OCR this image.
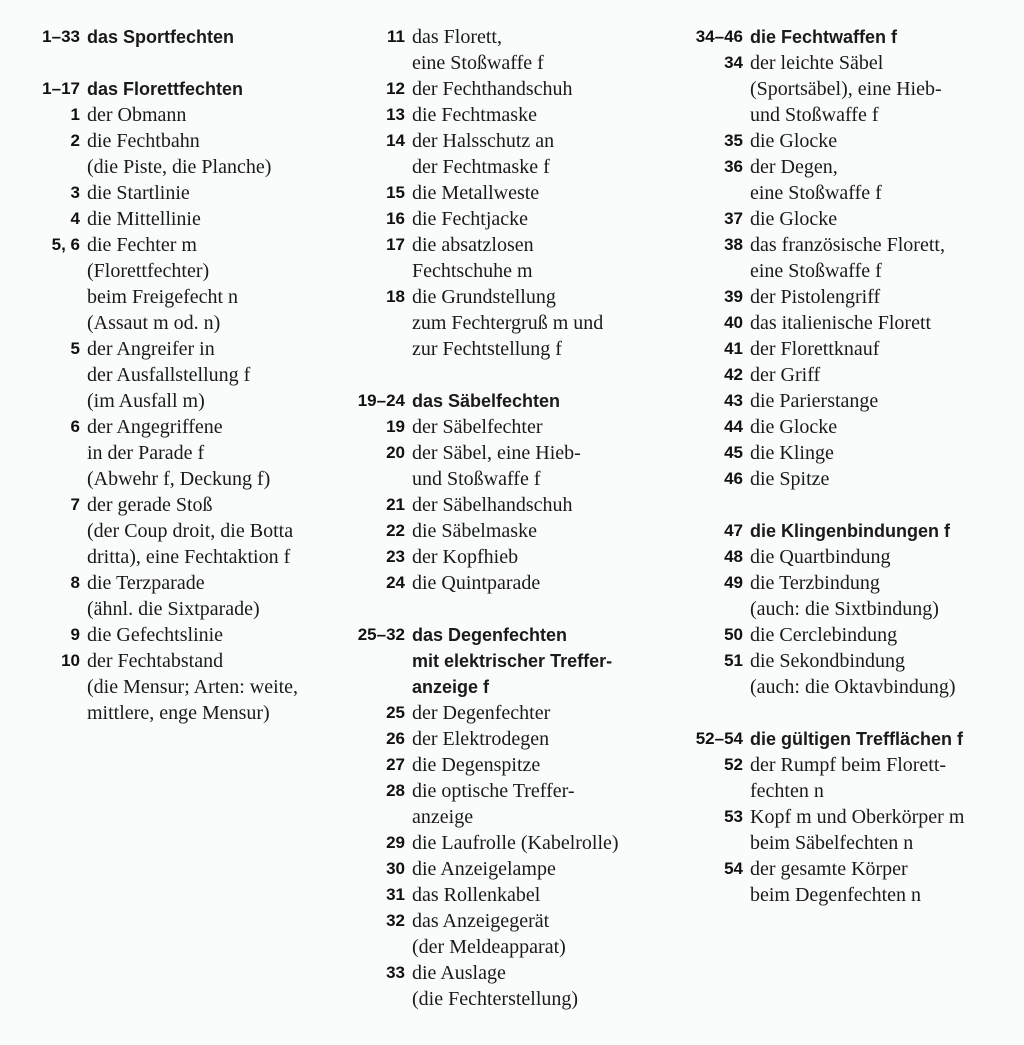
1–33 das Sportfechten
1–17 das Florettfechten
1 der Obmann
2 die Fechtbahn
(die Piste, die Planche)
3 die Startlinie
4 die Mittellinie
5, 6 die Fechter m
(Florettfechter)
beim Freigefecht n
(Assaut m od. n)
5 der Angreifer in
der Ausfallstellung f
(im Ausfall m)
6 der Angegriffene
in der Parade f
(Abwehr f, Deckung f)
7 der gerade Stoß
(der Coup droit, die Botta
dritta), eine Fechtaktion f
8 die Terzparade
(ähnl. die Sixtparade)
9 die Gefechtslinie
10 der Fechtabstand
(die Mensur; Arten: weite,
mittlere, enge Mensur)
11 das Florett,
eine Stoßwaffe f
12 der Fechthandschuh
13 die Fechtmaske
14 der Halsschutz an
der Fechtmaske f
15 die Metallweste
16 die Fechtjacke
17 die absatzlosen
Fechtschuhe m
18 die Grundstellung
zum Fechtergruß m und
zur Fechtstellung f
19–24 das Säbelfechten
19 der Säbelfechter
20 der Säbel, eine Hieb-
und Stoßwaffe f
21 der Säbelhandschuh
22 die Säbelmaske
23 der Kopfhieb
24 die Quintparade
25–32 das Degenfechten
mit elektrischer Treffer-
anzeige f
25 der Degenfechter
26 der Elektrodegen
27 die Degenspitze
28 die optische Treffer-
anzeige
29 die Laufrolle (Kabelrolle)
30 die Anzeigelampe
31 das Rollenkabel
32 das Anzeigegerät
(der Meldeapparat)
33 die Auslage
(die Fechterstellung)
34–46 die Fechtwaffen f
34 der leichte Säbel
(Sportsäbel), eine Hieb-
und Stoßwaffe f
35 die Glocke
36 der Degen,
eine Stoßwaffe f
37 die Glocke
38 das französische Florett,
eine Stoßwaffe f
39 der Pistolengriff
40 das italienische Florett
41 der Florettknauf
42 der Griff
43 die Parierstange
44 die Glocke
45 die Klinge
46 die Spitze
47 die Klingenbindungen f
48 die Quartbindung
49 die Terzbindung
(auch: die Sixtbindung)
50 die Cerclebindung
51 die Sekondbindung
(auch: die Oktavbindung)
52–54 die gültigen Trefflächen f
52 der Rumpf beim Florett-
fechten n
53 Kopf m und Oberkörper m
beim Säbelfechten n
54 der gesamte Körper
beim Degenfechten n
